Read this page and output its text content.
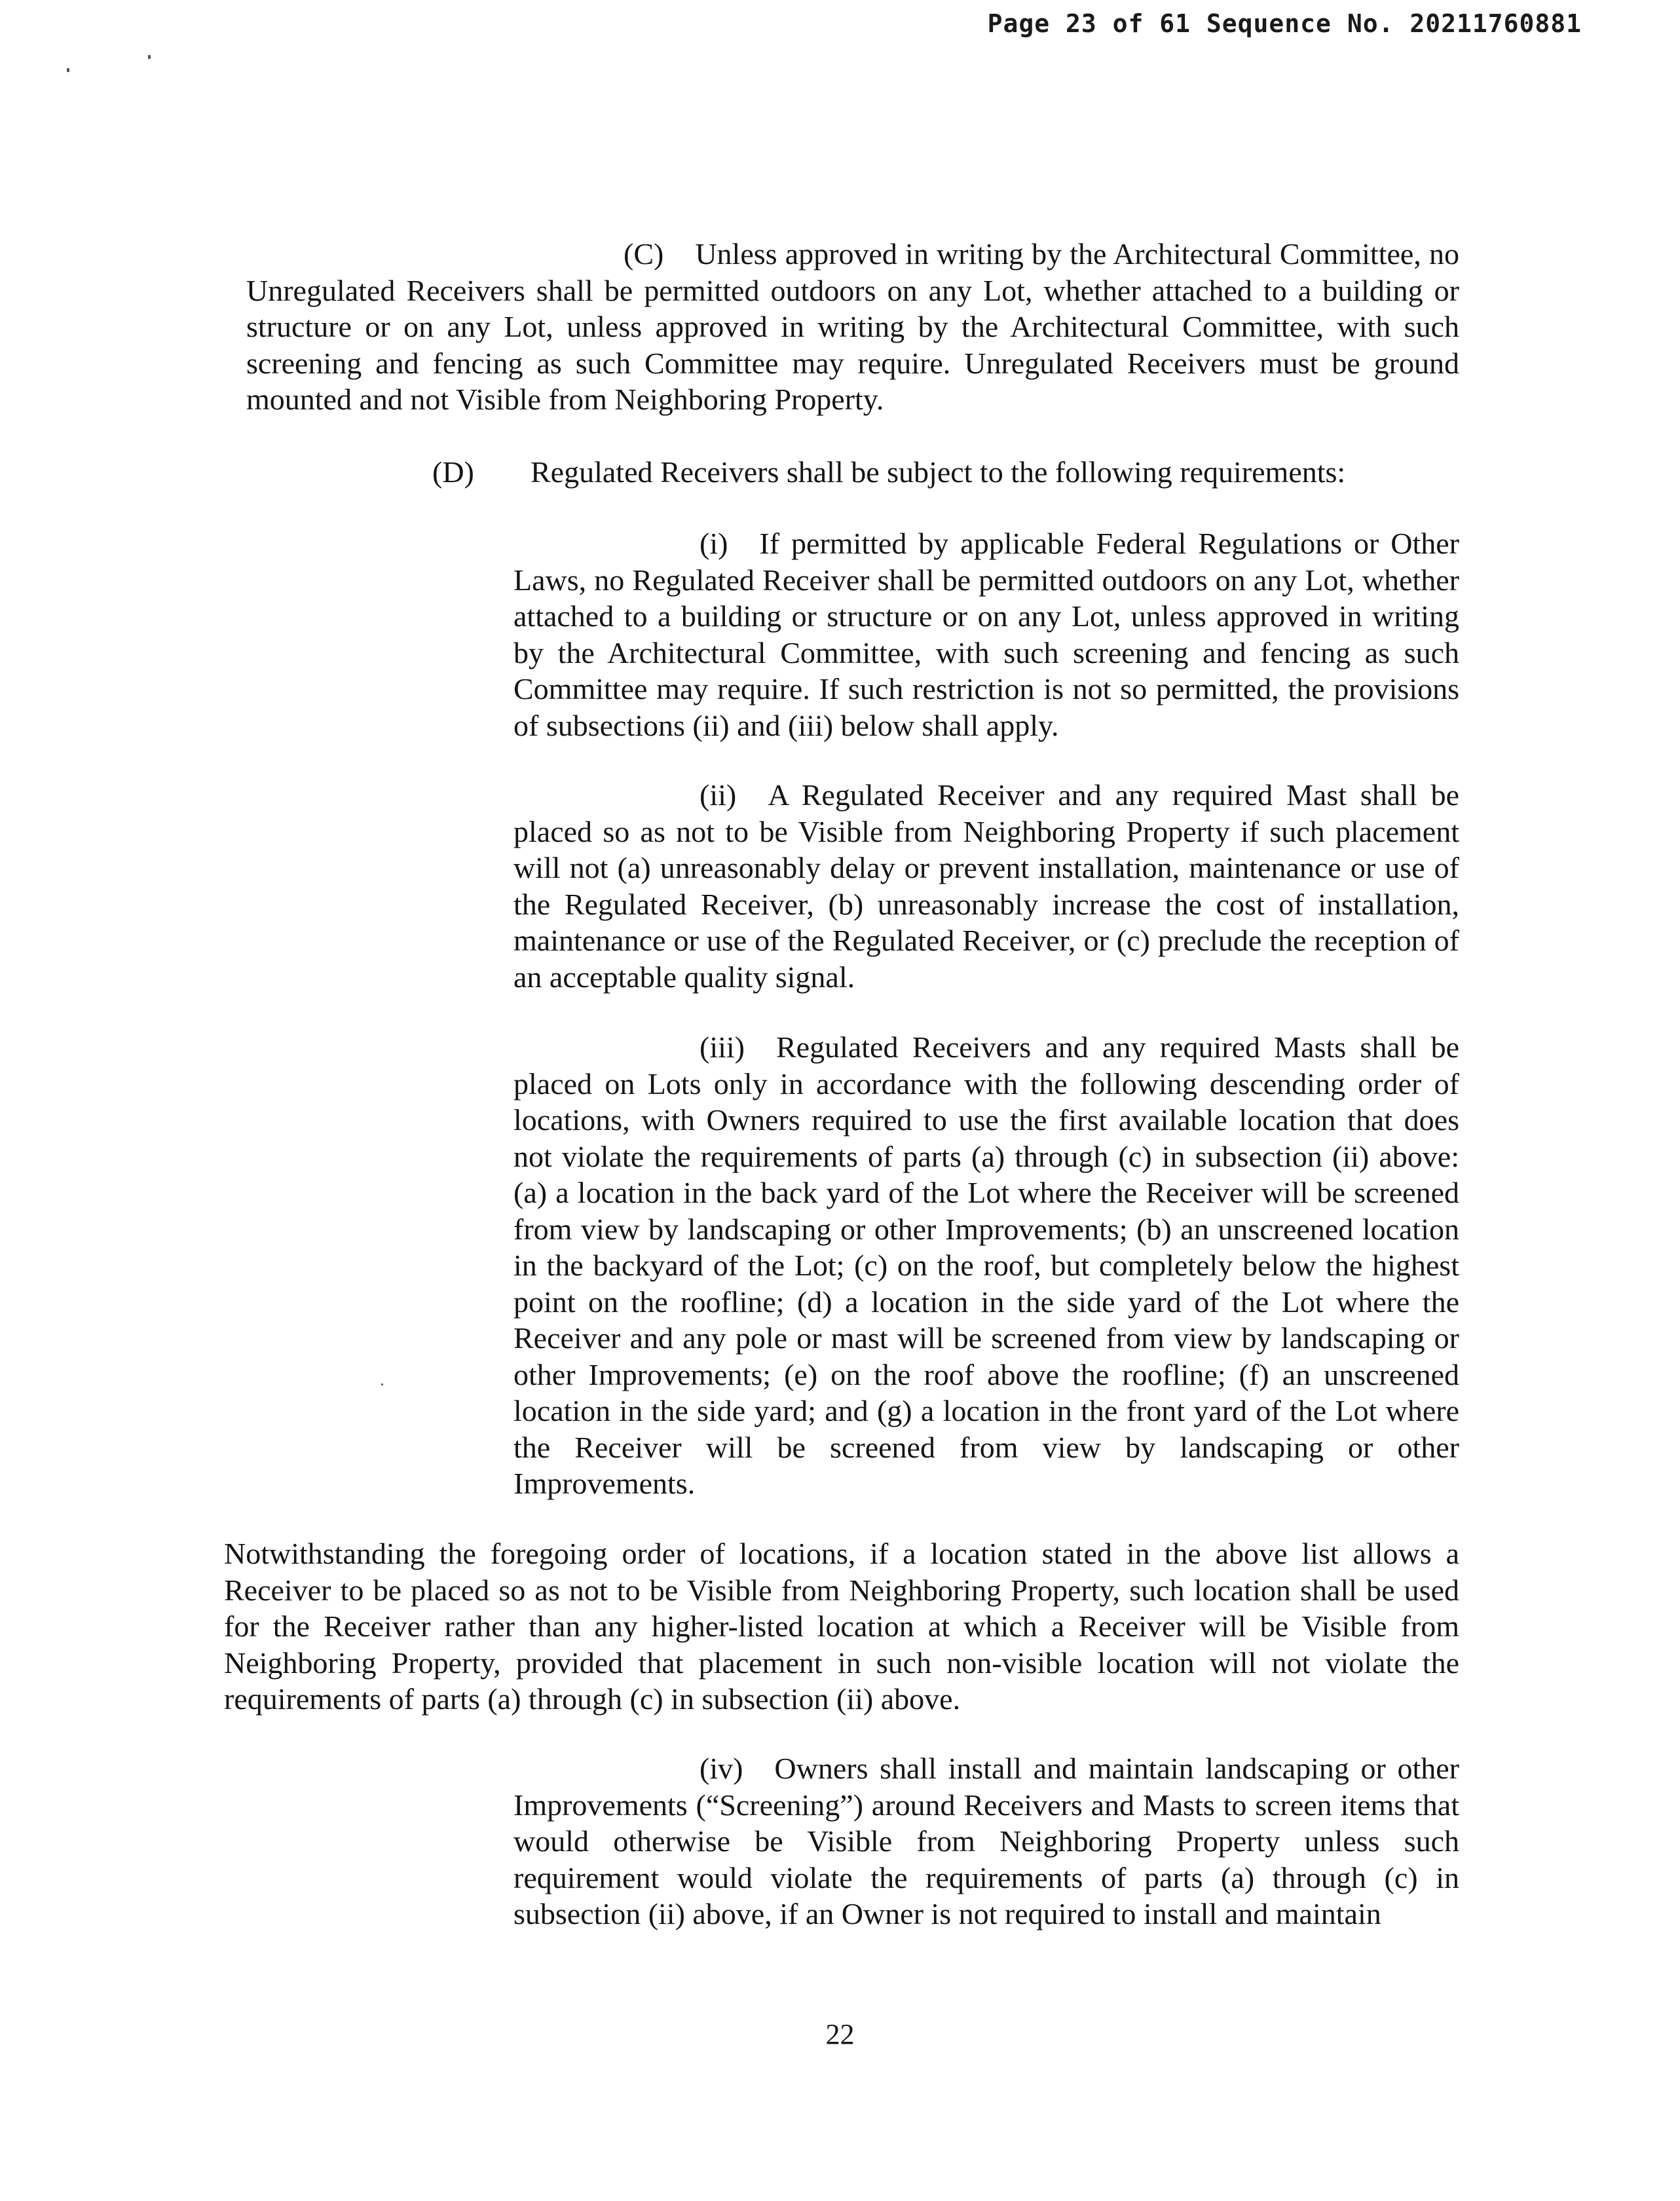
Page 23 of 61 Sequence No. 20211760881

(C) Unless approved in writing by the Architectural Committee, no Unregulated Receivers shall be permitted outdoors on any Lot, whether attached to a building or structure or on any Lot, unless approved in writing by the Architectural Committee, with such screening and fencing as such Committee may require. Unregulated Receivers must be ground mounted and not Visible from Neighboring Property.

(D) Regulated Receivers shall be subject to the following requirements:

(i) If permitted by applicable Federal Regulations or Other Laws, no Regulated Receiver shall be permitted outdoors on any Lot, whether attached to a building or structure or on any Lot, unless approved in writing by the Architectural Committee, with such screening and fencing as such Committee may require. If such restriction is not so permitted, the provisions of subsections (ii) and (iii) below shall apply.

(ii) A Regulated Receiver and any required Mast shall be placed so as not to be Visible from Neighboring Property if such placement will not (a) unreasonably delay or prevent installation, maintenance or use of the Regulated Receiver, (b) unreasonably increase the cost of installation, maintenance or use of the Regulated Receiver, or (c) preclude the reception of an acceptable quality signal.

(iii) Regulated Receivers and any required Masts shall be placed on Lots only in accordance with the following descending order of locations, with Owners required to use the first available location that does not violate the requirements of parts (a) through (c) in subsection (ii) above: (a) a location in the back yard of the Lot where the Receiver will be screened from view by landscaping or other Improvements; (b) an unscreened location in the backyard of the Lot; (c) on the roof, but completely below the highest point on the roofline; (d) a location in the side yard of the Lot where the Receiver and any pole or mast will be screened from view by landscaping or other Improvements; (e) on the roof above the roofline; (f) an unscreened location in the side yard; and (g) a location in the front yard of the Lot where the Receiver will be screened from view by landscaping or other Improvements.

Notwithstanding the foregoing order of locations, if a location stated in the above list allows a Receiver to be placed so as not to be Visible from Neighboring Property, such location shall be used for the Receiver rather than any higher-listed location at which a Receiver will be Visible from Neighboring Property, provided that placement in such non-visible location will not violate the requirements of parts (a) through (c) in subsection (ii) above.

(iv) Owners shall install and maintain landscaping or other Improvements (“Screening”) around Receivers and Masts to screen items that would otherwise be Visible from Neighboring Property unless such requirement would violate the requirements of parts (a) through (c) in subsection (ii) above, if an Owner is not required to install and maintain

22
